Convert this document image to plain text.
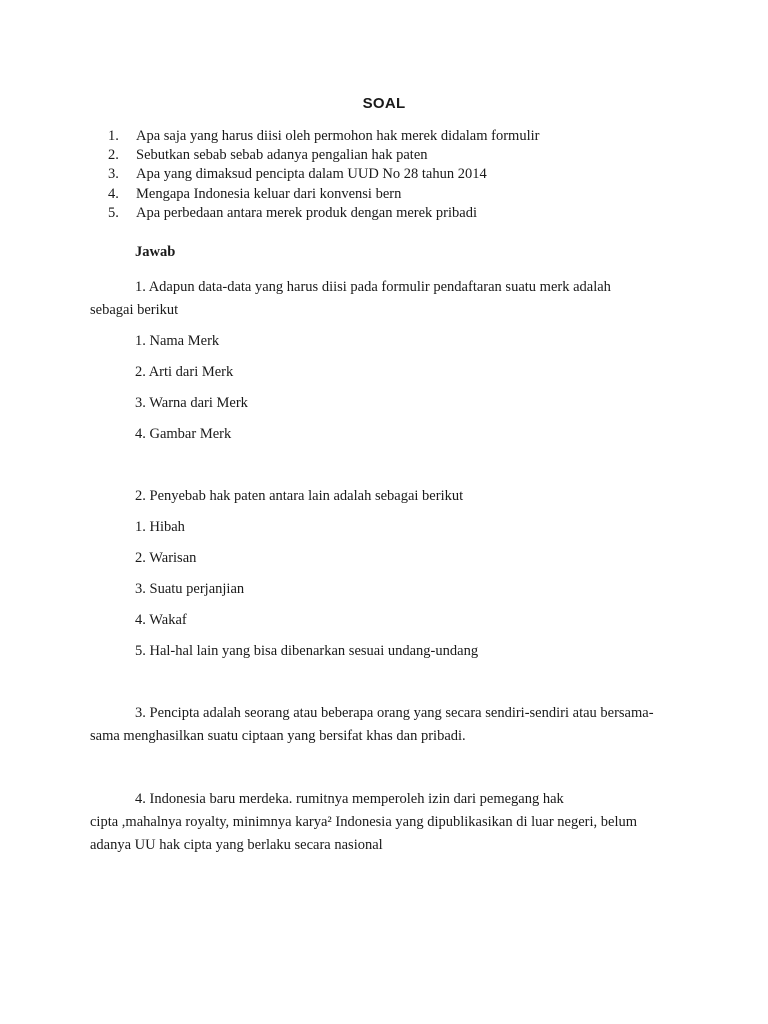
SOAL
1.	Apa saja yang harus diisi oleh permohon hak merek didalam formulir
2.	Sebutkan sebab sebab adanya pengalian hak paten
3.	Apa yang dimaksud pencipta dalam UUD No 28 tahun 2014
4.	Mengapa Indonesia keluar dari konvensi bern
5.	Apa perbedaan antara merek produk dengan merek pribadi
Jawab
1. Adapun data-data yang harus diisi pada formulir pendaftaran suatu merk adalah
sebagai berikut
1. Nama Merk
2. Arti dari Merk
3. Warna dari Merk
4. Gambar Merk
2. Penyebab hak paten antara lain adalah sebagai berikut
1. Hibah
2. Warisan
3. Suatu perjanjian
4. Wakaf
5. Hal-hal lain yang bisa dibenarkan sesuai undang-undang
3. Pencipta adalah seorang atau beberapa orang yang secara sendiri-sendiri atau bersama-
sama menghasilkan suatu ciptaan yang bersifat khas dan pribadi.
4. Indonesia baru merdeka. rumitnya memperoleh izin dari pemegang hak
cipta ,mahalnya royalty, minimnya karya² Indonesia yang dipublikasikan di luar negeri, belum
adanya UU hak cipta yang berlaku secara nasional
